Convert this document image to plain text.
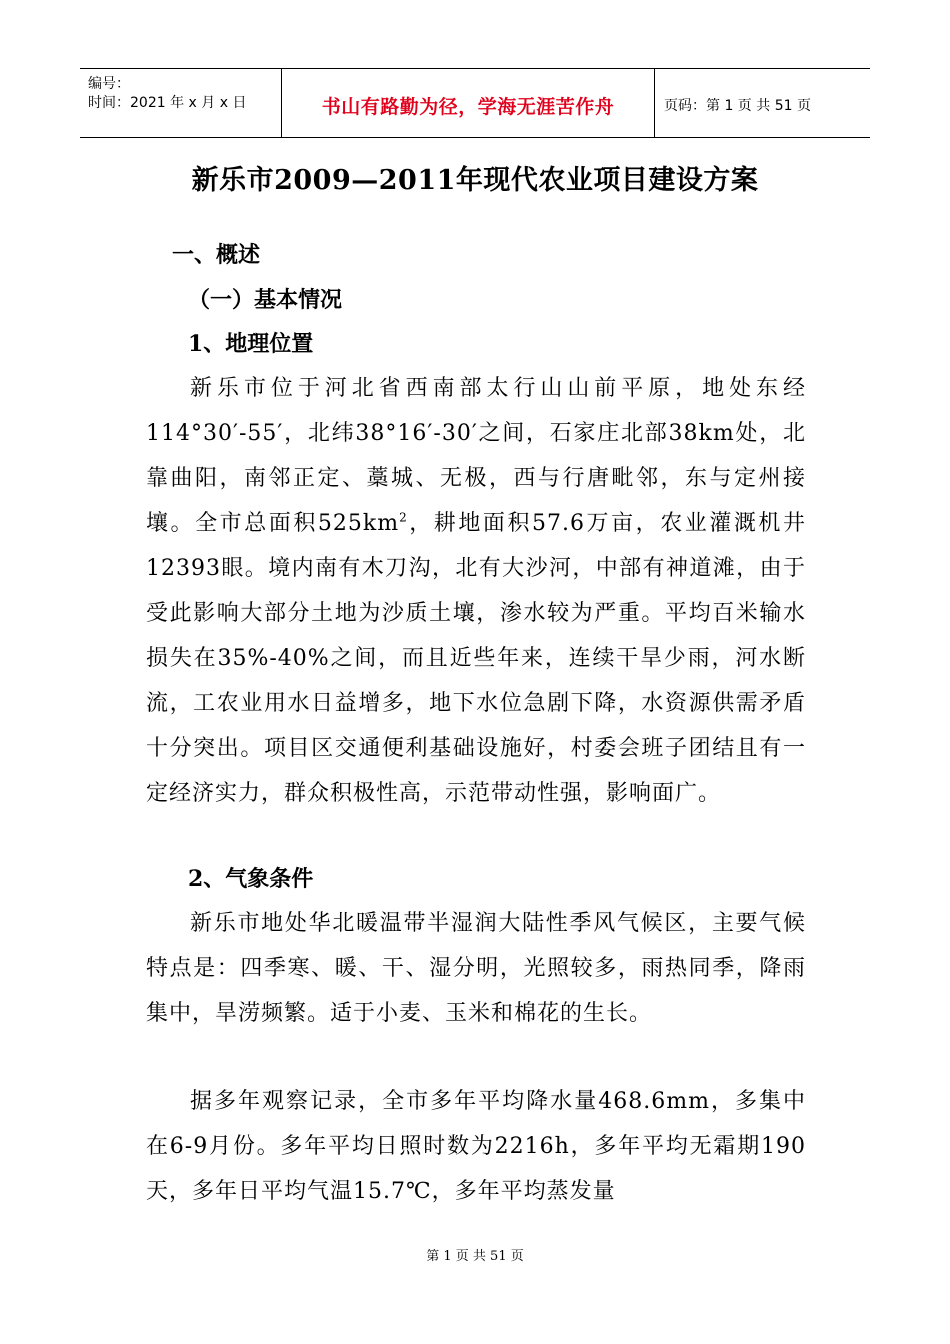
编号：
时间：2021 年 x 月 x 日	书山有路勤为径，学海无涯苦作舟	页码：第 1 页 共 51 页
新乐市2009—2011年现代农业项目建设方案
一、概述
（一）基本情况
1、地理位置
新乐市位于河北省西南部太行山山前平原，地处东经114°30′-55′，北纬38°16′-30′之间，石家庄北部38km处，北靠曲阳，南邻正定、藁城、无极，西与行唐毗邻，东与定州接壤。全市总面积$525km^2$，耕地面积57.6万亩，农业灌溉机井12393眼。境内南有木刀沟，北有大沙河，中部有神道滩，由于受此影响大部分土地为沙质土壤，渗水较为严重。平均百米输水损失在35%-40%之间，而且近些年来，连续干旱少雨，河水断流，工农业用水日益增多，地下水位急剧下降，水资源供需矛盾十分突出。项目区交通便利基础设施好，村委会班子团结且有一定经济实力，群众积极性高，示范带动性强，影响面广。
2、气象条件
新乐市地处华北暖温带半湿润大陆性季风气候区，主要气候特点是：四季寒、暖、干、湿分明，光照较多，雨热同季，降雨集中，旱涝频繁。适于小麦、玉米和棉花的生长。
据多年观察记录，全市多年平均降水量468.6mm，多集中在6-9月份。多年平均日照时数为2216h，多年平均无霜期190天，多年日平均气温15.7℃，多年平均蒸发量
第 1 页 共 51 页
